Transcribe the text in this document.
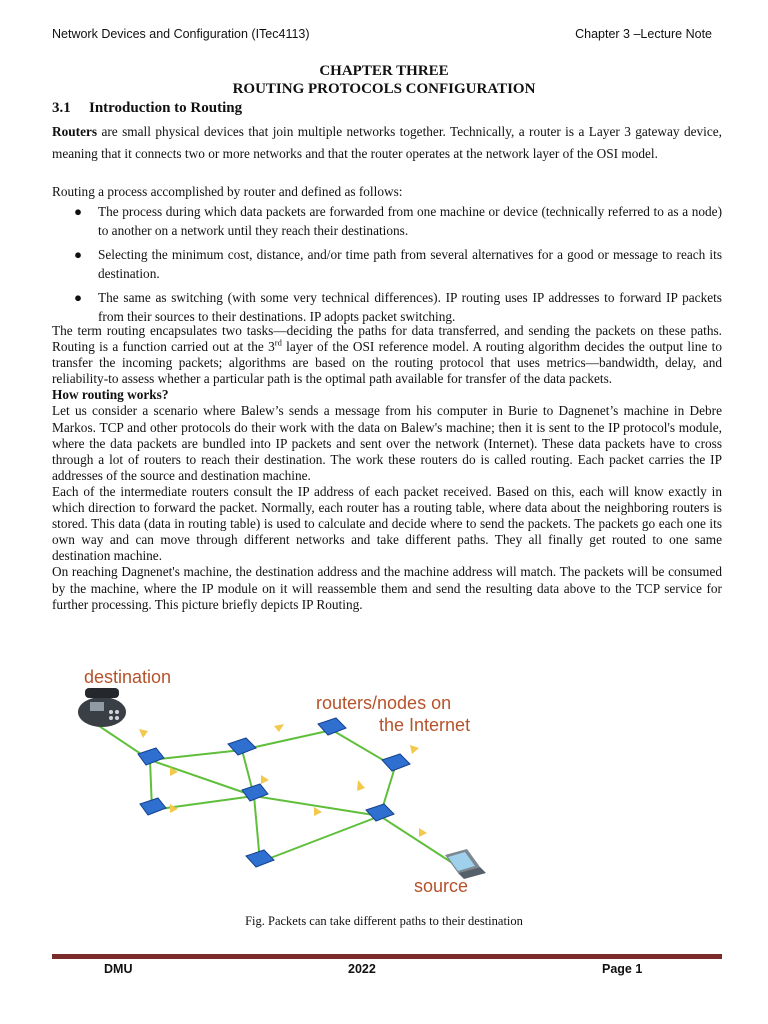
Network Devices and Configuration (ITec4113)	Chapter 3 –Lecture Note
CHAPTER THREE
ROUTING PROTOCOLS CONFIGURATION
3.1 Introduction to Routing

Routers are small physical devices that join multiple networks together. Technically, a router is a Layer 3 gateway device, meaning that it connects two or more networks and that the router operates at the network layer of the OSI model.

Routing a process accomplished by router and defined as follows:
● The process during which data packets are forwarded from one machine or device (technically referred to as a node) to another on a network until they reach their destinations.
● Selecting the minimum cost, distance, and/or time path from several alternatives for a good or message to reach its destination.
● The same as switching (with some very technical differences). IP routing uses IP addresses to forward IP packets from their sources to their destinations. IP adopts packet switching.

The term routing encapsulates two tasks—deciding the paths for data transferred, and sending the packets on these paths. Routing is a function carried out at the 3rd layer of the OSI reference model. A routing algorithm decides the output line to transfer the incoming packets; algorithms are based on the routing protocol that uses metrics—bandwidth, delay, and reliability-to assess whether a particular path is the optimal path available for transfer of the data packets.

How routing works?

Let us consider a scenario where Balew’s sends a message from his computer in Burie to Dagnenet’s machine in Debre Markos. TCP and other protocols do their work with the data on Balew's machine; then it is sent to the IP protocol's module, where the data packets are bundled into IP packets and sent over the network (Internet). These data packets have to cross through a lot of routers to reach their destination. The work these routers do is called routing. Each packet carries the IP addresses of the source and destination machine.

Each of the intermediate routers consult the IP address of each packet received. Based on this, each will know exactly in which direction to forward the packet. Normally, each router has a routing table, where data about the neighboring routers is stored. This data (data in routing table) is used to calculate and decide where to send the packets. The packets go each one its own way and can move through different networks and take different paths. They all finally get routed to one same destination machine.

On reaching Dagnenet's machine, the destination address and the machine address will match. The packets will be consumed by the machine, where the IP module on it will reassemble them and send the resulting data above to the TCP service for further processing. This picture briefly depicts IP Routing.

destination
routers/nodes on
the Internet
source
Fig. Packets can take different paths to their destination
DMU	2022	Page 1
